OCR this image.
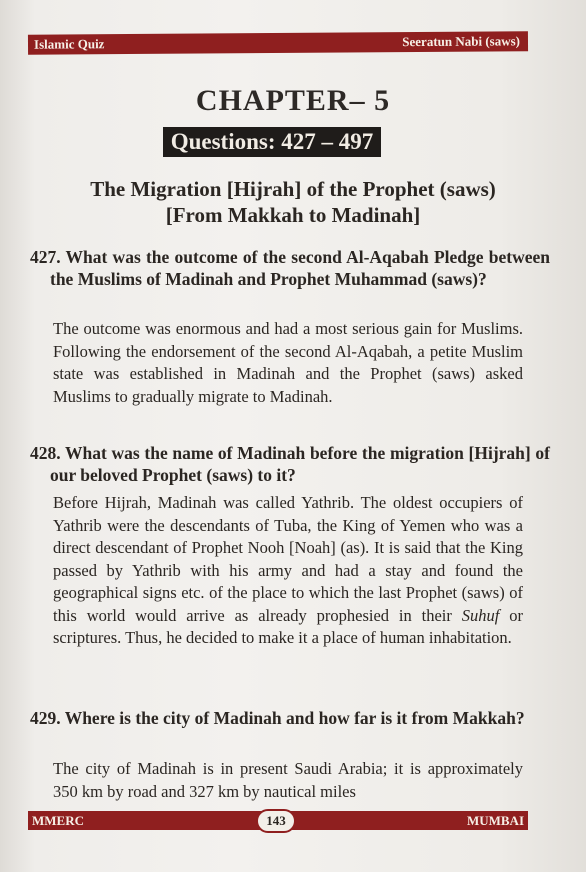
Islamic Quiz	Seeratun Nabi (saws)
CHAPTER– 5
Questions: 427 – 497
The Migration [Hijrah] of the Prophet (saws)
[From Makkah to Madinah]
427. What was the outcome of the second Al-Aqabah Pledge between the Muslims of Madinah and Prophet Muhammad (saws)?
The outcome was enormous and had a most serious gain for Muslims. Following the endorsement of the second Al-Aqabah, a petite Muslim state was established in Madinah and the Prophet (saws) asked Muslims to gradually migrate to Madinah.
428. What was the name of Madinah before the migration [Hijrah] of our beloved Prophet (saws) to it?
Before Hijrah, Madinah was called Yathrib. The oldest occupiers of Yathrib were the descendants of Tuba, the King of Yemen who was a direct descendant of Prophet Nooh [Noah] (as). It is said that the King passed by Yathrib with his army and had a stay and found the geographical signs etc. of the place to which the last Prophet (saws) of this world would arrive as already prophesied in their Suhuf or scriptures. Thus, he decided to make it a place of human inhabitation.
429. Where is the city of Madinah and how far is it from Makkah?
The city of Madinah is in present Saudi Arabia; it is approximately 350 km by road and 327 km by nautical miles
MMERC	143	MUMBAI
